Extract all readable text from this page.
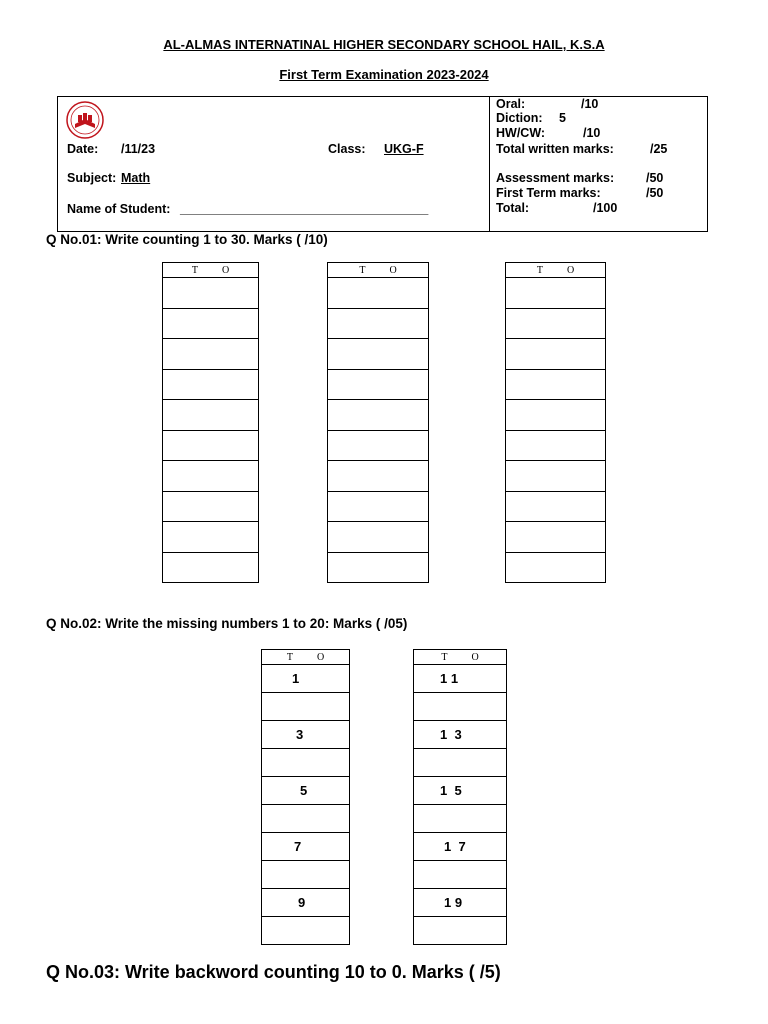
AL-ALMAS INTERNATINAL HIGHER SECONDARY SCHOOL HAIL, K.S.A
First Term Examination 2023-2024
Date: /11/23	Class: UKG-F
Subject: Math
Name of Student: _______________________________________
Oral:	/10
Diction: 5
HW/CW:	/10
Total written marks:	/25
Assessment marks:	/50
First Term marks:	/50
Total:	/100
Q No.01: Write counting 1 to 30. Marks ( /10)
T O	T O	T O

Q No.02: Write the missing numbers 1 to 20: Marks ( /05)
T O

1

3

5

7

9

T O

1 1

1  3

1  5

1  7

1 9

Q No.03: Write backword counting 10 to 0. Marks ( /5)
